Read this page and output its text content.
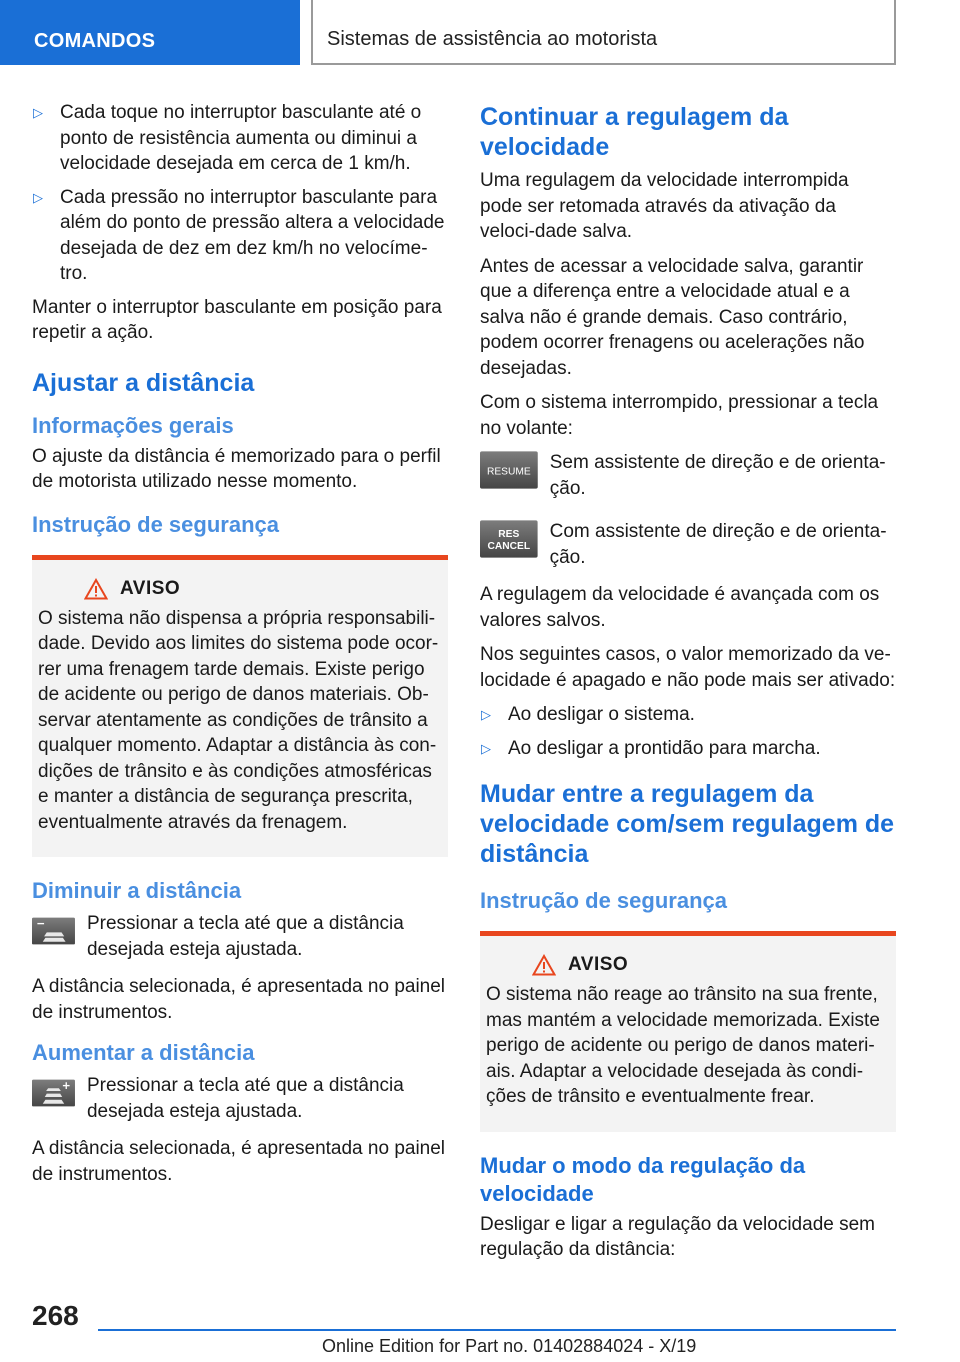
COMANDOS	Sistemas de assistência ao motorista
▷ Cada toque no interruptor basculante até o ponto de resistência aumenta ou diminui a velocidade desejada em cerca de 1 km/h.
▷ Cada pressão no interruptor basculante para além do ponto de pressão altera a velocidade desejada de dez em dez km/h no velocíme‐tro.

Manter o interruptor basculante em posição para repetir a ação.

Ajustar a distância
Informações gerais

O ajuste da distância é memorizado para o perfil de motorista utilizado nesse momento.

Instrução de segurança
AVISO

O sistema não dispensa a própria responsabili‐dade. Devido aos limites do sistema pode ocor‐rer uma frenagem tarde demais. Existe perigo de acidente ou perigo de danos materiais. Ob‐servar atentamente as condições de trânsito a qualquer momento. Adaptar a distância às con‐dições de trânsito e às condições atmosféricas e manter a distância de segurança prescrita, eventualmente através da frenagem.

Diminuir a distância
Pressionar a tecla até que a distância desejada esteja ajustada.

A distância selecionada, é apresentada no painel de instrumentos.

Aumentar a distância
Pressionar a tecla até que a distância desejada esteja ajustada.

A distância selecionada, é apresentada no painel de instrumentos.

Continuar a regulagem da velocidade

Uma regulagem da velocidade interrompida pode ser retomada através da ativação da veloci‐dade salva.

Antes de acessar a velocidade salva, garantir que a diferença entre a velocidade atual e a salva não é grande demais. Caso contrário, podem ocorrer frenagens ou acelerações não desejadas.

Com o sistema interrompido, pressionar a tecla no volante:

RESUME Sem assistente de direção e de orienta‐ção.
RES
CANCEL
Com assistente de direção e de orienta‐ção.

A regulagem da velocidade é avançada com os valores salvos.

Nos seguintes casos, o valor memorizado da ve‐locidade é apagado e não pode mais ser ativado:

▷ Ao desligar o sistema.
▷ Ao desligar a prontidão para marcha.
Mudar entre a regulagem da velocidade com/sem regulagem de distância
Instrução de segurança
AVISO

O sistema não reage ao trânsito na sua frente, mas mantém a velocidade memorizada. Existe perigo de acidente ou perigo de danos materi‐ais. Adaptar a velocidade desejada às condi‐ções de trânsito e eventualmente frear.

Mudar o modo da regulação da velocidade

Desligar e ligar a regulação da velocidade sem regulação da distância:

268
Online Edition for Part no. 01402884024 - X/19
